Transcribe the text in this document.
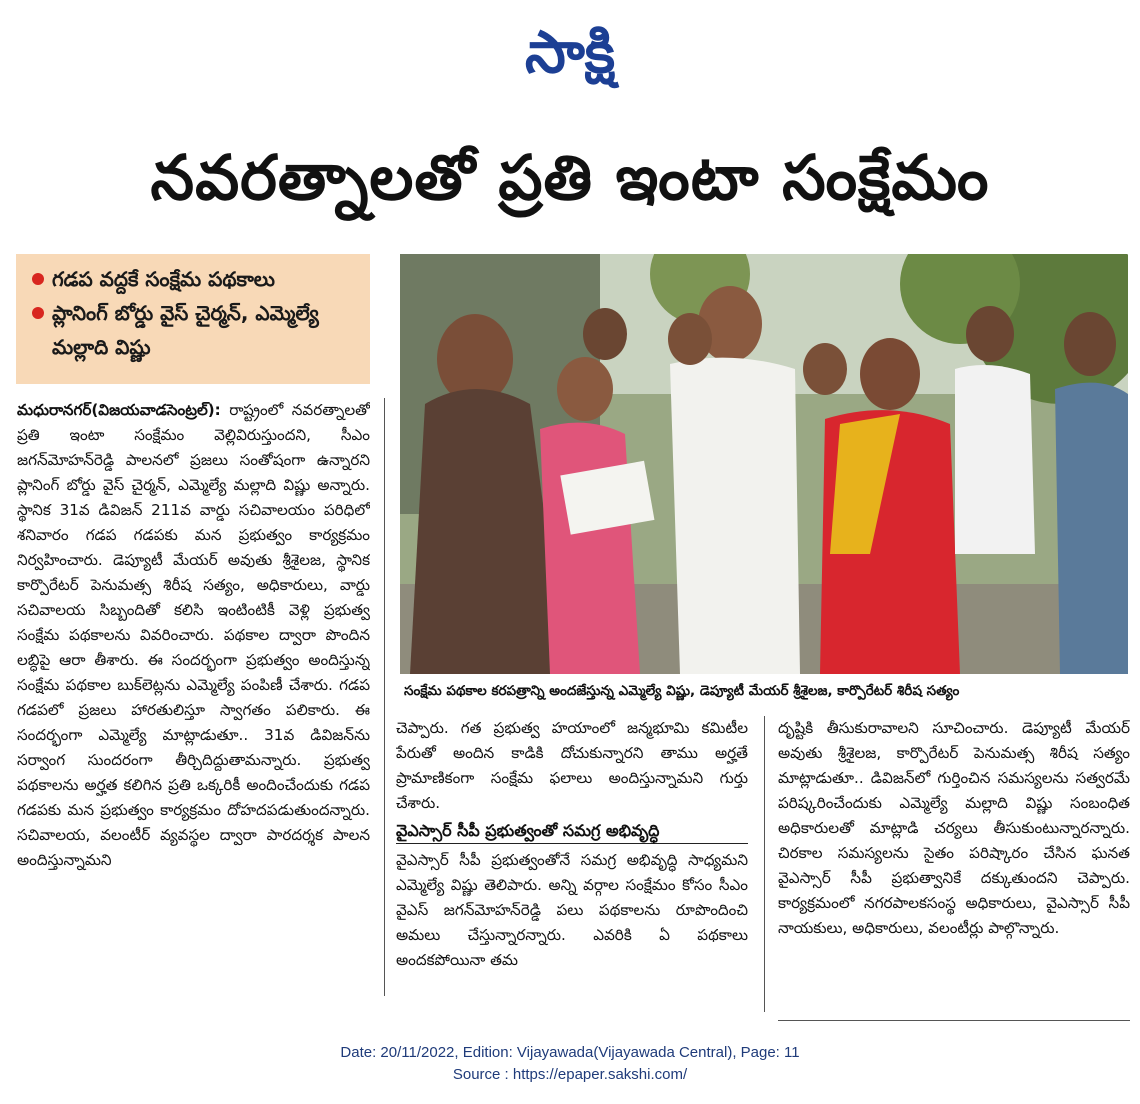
సాక్షి
నవరత్నాలతో ప్రతి ఇంటా సంక్షేమం
గడప వద్దకే సంక్షేమ పథకాలు
ప్లానింగ్ బోర్డు వైస్ చైర్మన్, ఎమ్మెల్యే మల్లాది విష్ణు
సంక్షేమ పథకాల కరపత్రాన్ని అందజేస్తున్న ఎమ్మెల్యే విష్ణు, డెప్యూటీ మేయర్ శ్రీశైలజ, కార్పొరేటర్ శిరీష సత్యం

మధురానగర్(విజయవాడసెంట్రల్): రాష్ట్రంలో నవరత్నాలతో ప్రతి ఇంటా సంక్షేమం వెల్లివిరుస్తుందని, సీఎం జగన్‌మోహన్‌రెడ్డి పాలనలో ప్రజలు సంతోషంగా ఉన్నారని ప్లానింగ్ బోర్డు వైస్ చైర్మన్, ఎమ్మెల్యే మల్లాది విష్ణు అన్నారు. స్థానిక 31వ డివిజన్ 211వ వార్డు సచివాలయం పరిధిలో శనివారం గడప గడపకు మన ప్రభుత్వం కార్యక్రమం నిర్వహించారు. డెప్యూటీ మేయర్ అవుతు శ్రీశైలజ, స్థానిక కార్పొరేటర్ పెనుమత్స శిరీష సత్యం, అధికారులు, వార్డు సచివాలయ సిబ్బందితో కలిసి ఇంటింటికీ వెళ్లి ప్రభుత్వ సంక్షేమ పథకాలను వివరించారు. పథకాల ద్వారా పొందిన లబ్ధిపై ఆరా తీశారు. ఈ సందర్భంగా ప్రభుత్వం అందిస్తున్న సంక్షేమ పథకాల బుక్‌లెట్లను ఎమ్మెల్యే పంపిణీ చేశారు. గడప గడపలో ప్రజలు హారతులిస్తూ స్వాగతం పలికారు. ఈ సందర్భంగా ఎమ్మెల్యే మాట్లాడుతూ.. 31వ డివిజన్‌ను సర్వాంగ సుందరంగా తీర్చిదిద్దుతామన్నారు. ప్రభుత్వ పథకాలను అర్హత కలిగిన ప్రతి ఒక్కరికీ అందించేందుకు గడప గడపకు మన ప్రభుత్వం కార్యక్రమం దోహదపడుతుందన్నారు. సచివాలయ, వలంటీర్ వ్యవస్థల ద్వారా పారదర్శక పాలన అందిస్తున్నామని

చెప్పారు. గత ప్రభుత్వ హయాంలో జన్మభూమి కమిటీల పేరుతో అందిన కాడికి దోచుకున్నారని తాము అర్హతే ప్రామాణికంగా సంక్షేమ ఫలాలు అందిస్తున్నామని గుర్తు చేశారు.

వైఎస్సార్ సీపీ ప్రభుత్వంతో సమగ్ర అభివృద్ధి

వైఎస్సార్ సీపీ ప్రభుత్వంతోనే సమగ్ర అభివృద్ధి సాధ్యమని ఎమ్మెల్యే విష్ణు తెలిపారు. అన్ని వర్గాల సంక్షేమం కోసం సీఎం వైఎస్ జగన్‌మోహన్‌రెడ్డి పలు పథకాలను రూపొందించి అమలు చేస్తున్నారన్నారు. ఎవరికి ఏ పథకాలు అందకపోయినా తమ

దృష్టికి తీసుకురావాలని సూచించారు. డెప్యూటీ మేయర్ అవుతు శ్రీశైలజ, కార్పొరేటర్ పెనుమత్స శిరీష సత్యం మాట్లాడుతూ.. డివిజన్‌లో గుర్తించిన సమస్యలను సత్వరమే పరిష్కరించేందుకు ఎమ్మెల్యే మల్లాది విష్ణు సంబంధిత అధికారులతో మాట్లాడి చర్యలు తీసుకుంటున్నారన్నారు. చిరకాల సమస్యలను సైతం పరిష్కారం చేసిన ఘనత వైఎస్సార్ సీపీ ప్రభుత్వానికే దక్కుతుందని చెప్పారు. కార్యక్రమంలో నగరపాలకసంస్థ అధికారులు, వైఎస్సార్ సీపీ నాయకులు, అధికారులు, వలంటీర్లు పాల్గొన్నారు.

Date: 20/11/2022, Edition: Vijayawada(Vijayawada Central), Page: 11
Source : https://epaper.sakshi.com/
